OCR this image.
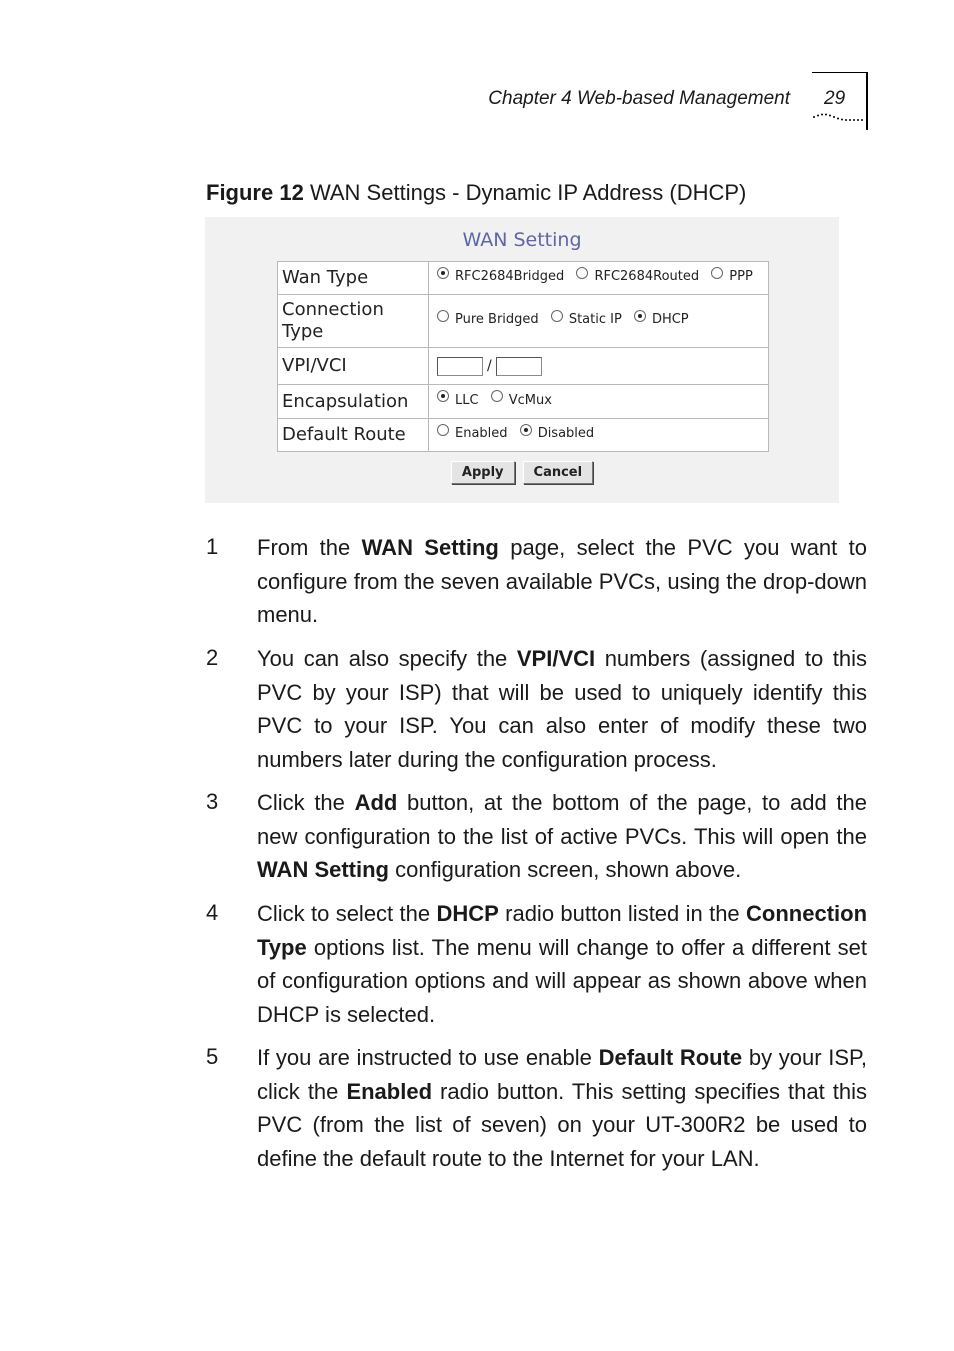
Chapter 4 Web-based Management 29
Figure 12 WAN Settings - Dynamic IP Address (DHCP)
WAN Setting
Wan Type	RFC2684Bridged
RFC2684Routed
PPP

Connection Type	Pure Bridged
Static IP
DHCP

VPI/VCI	/
Encapsulation	LLC
VcMux

Default Route	Enabled
Disabled
Apply Cancel
1 From the WAN Setting page, select the PVC you want to configure from the seven available PVCs, using the drop-down menu.
2 You can also specify the VPI/VCI numbers (assigned to this PVC by your ISP) that will be used to uniquely identify this PVC to your ISP. You can also enter of modify these two numbers later during the configuration process.
3 Click the Add button, at the bottom of the page, to add the new configuration to the list of active PVCs. This will open the WAN Setting configuration screen, shown above.
4 Click to select the DHCP radio button listed in the Connection Type options list. The menu will change to offer a different set of configuration options and will appear as shown above when DHCP is selected.
5 If you are instructed to use enable Default Route by your ISP, click the Enabled radio button. This setting specifies that this PVC (from the list of seven) on your UT-300R2 be used to define the default route to the Internet for your LAN.
